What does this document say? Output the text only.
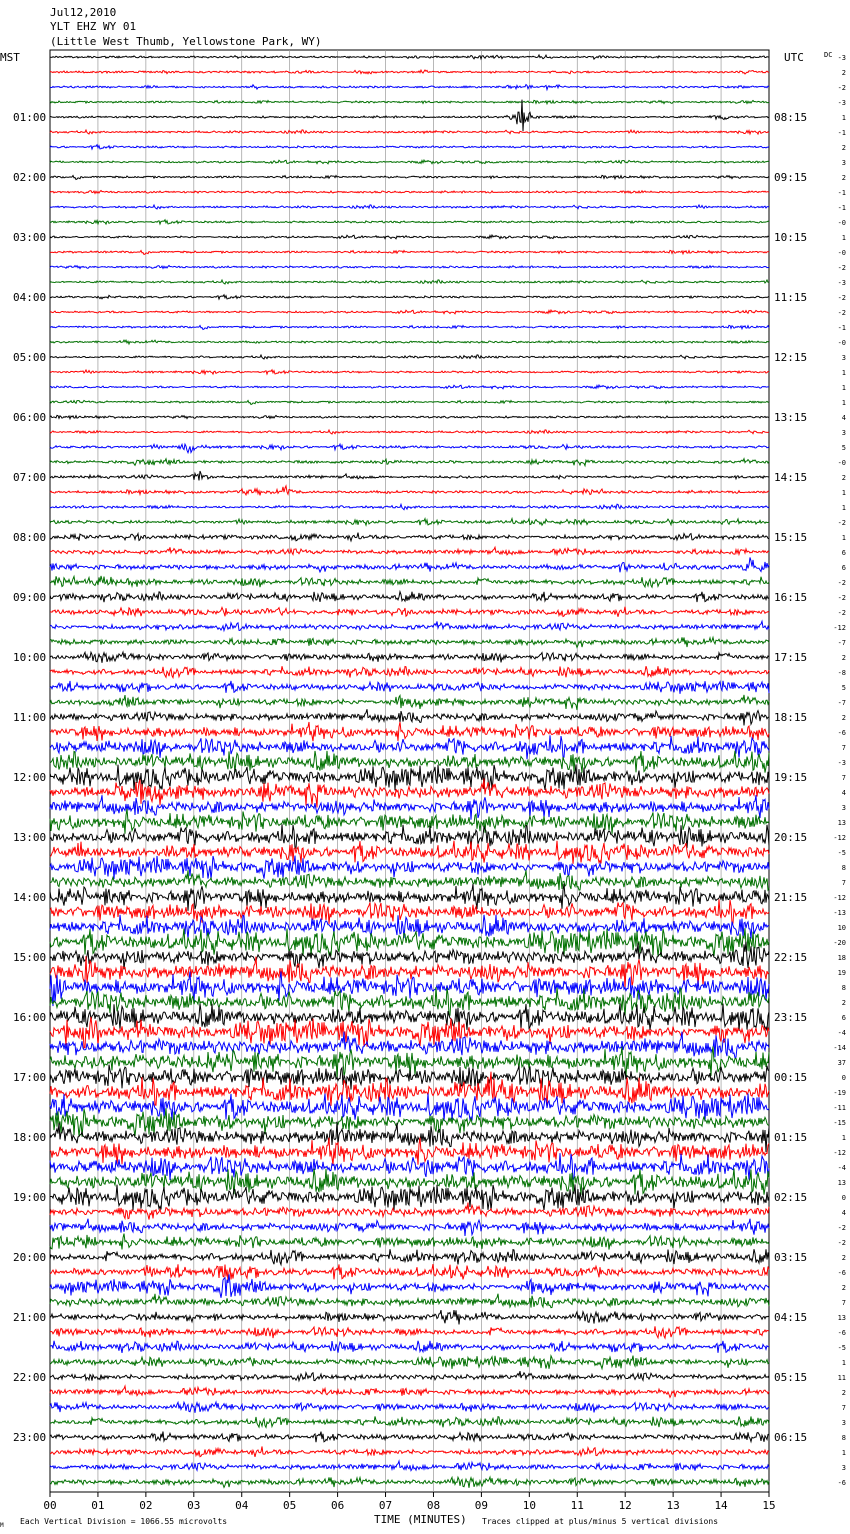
Jul12,2010
YLT EHZ WY 01
(Little West Thumb, Yellowstone Park, WY)
MST	UTC	DC
01:00
02:00
03:00
04:00
05:00
06:00
07:00
08:00
09:00
10:00
11:00
12:00
13:00
14:00
15:00
16:00
17:00
18:00
19:00
20:00
21:00
22:00
23:00
08:15
09:15
10:15
11:15
12:15
13:15
14:15
15:15
16:15
17:15
18:15
19:15
20:15
21:15
22:15
23:15
00:15
01:15
02:15
03:15
04:15
05:15
06:15
-3
2
-2
-3
1
-1
2
3
2
-1
-1
-0
1
-0
-2
-3
-2
-2
-1
-0
3
1
1
1
4
3
5
-0
2
1
1
-2
1
6
6
-2
-2
-2
-12
-7
2
-8
5
-7
2
-6
7
-3
7
4
3
13
-12
-5
8
7
-12
-13
10
-20
18
19
8
2
6
-4
-14
37
0
-19
-11
-15
1
-12
-4
13
0
4
-2
-2
2
-6
2
7
13
-6
-5
1
11
2
7
3
8
1
3
-6
00	01	02	03	04	05	06	07	08	09	10	11	12	13	14	15
M Each Vertical Division = 1066.55 microvolts	TIME (MINUTES) Traces clipped at plus/minus 5 vertical divisions
